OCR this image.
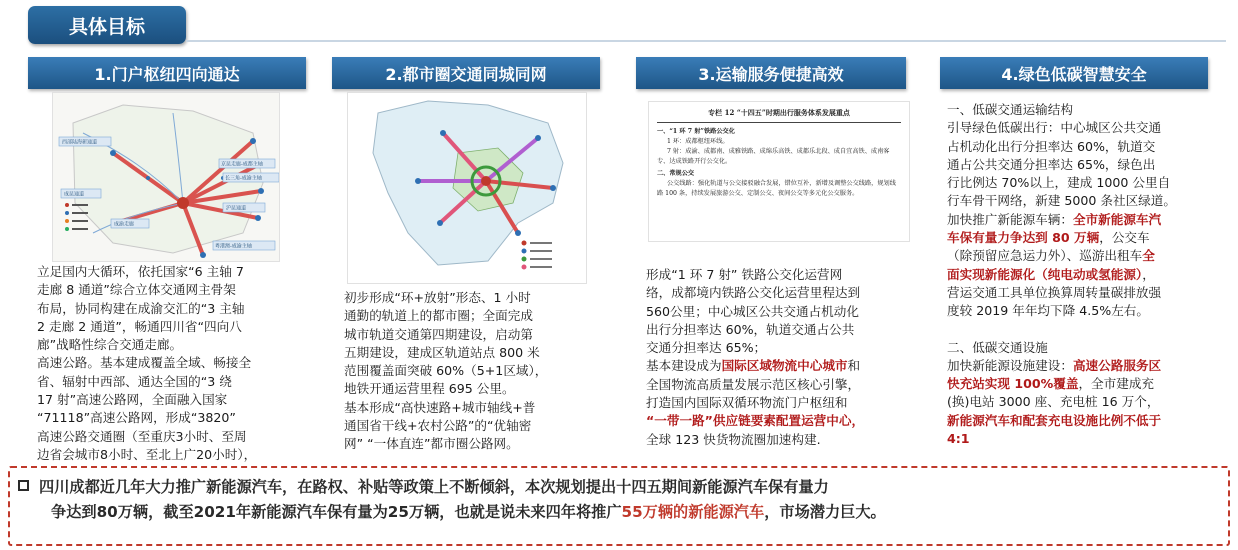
具体目标
1.门户枢纽四向通达	2.都市圈交通同城同网	3.运输服务便捷高效	4.绿色低碳智慧安全
西部陆海新通道
成渝走廊
京昆走廊-成都主轴
长三角-成渝主轴
成昆通道
沪昆通道
粤港澳-成渝主轴

立足国内大循环，依托国家“6 主轴 7

走廊 8 通道”综合立体交通网主骨架

布局，协同构建在成渝交汇的“3 主轴

2 走廊 2 通道”，畅通四川省“四向八

廊”战略性综合交通走廊。

高速公路。基本建成覆盖全域、畅接全

省、辐射中西部、通达全国的“3 绕

17 射”高速公路网，全面融入国家

“71118”高速公路网，形成“3820”

高速公路交通圈（至重庆3小时、至周

边省会城市8小时、至北上广20小时），

初步形成“环+放射”形态、1 小时

通勤的轨道上的都市圈；全面完成

城市轨道交通第四期建设，启动第

五期建设，建成区轨道站点 800 米

范围覆盖面突破 60%（5+1区域），

地铁开通运营里程 695 公里。

基本形成“高快速路+城市轴线+普

通国省干线+农村公路”的“优轴密

网” “一体直连”都市圈公路网。

专栏 12 “十四五”时期出行服务体系发展重点
一、“1 环 7 射”铁路公交化
1 环：成都枢纽环线。
7 射：成渝、成都南、成雅铁路、成绵乐高铁、成都乐北段、成自宜高铁、成南客专、达成铁路开行公交化。
二、常规公交
公交线路：强化轨道与公交接驳融合发展，错位互补，新增及调整公交线路，规划线路 100 条，持续发展旅游公交、定制公交、夜间公交等多元化公交服务。

形成“1 环 7 射” 铁路公交化运营网

络，成都境内铁路公交化运营里程达到

560公里；中心城区公共交通占机动化

出行分担率达 60%，轨道交通占公共

交通分担率达 65%；

基本建设成为国际区域物流中心城市和

全国物流高质量发展示范区核心引擎，

打造国内国际双循环物流门户枢纽和

“一带一路”供应链要素配置运营中心，

全球 123 快货物流圈加速构建.

一、低碳交通运输结构

引导绿色低碳出行：中心城区公共交通

占机动化出行分担率达 60%，轨道交

通占公共交通分担率达 65%，绿色出

行比例达 70%以上，建成 1000 公里自

行车骨干网络，新建 5000 条社区绿道。

加快推广新能源车辆：全市新能源车汽

车保有量力争达到 80 万辆，公交车

（除预留应急运力外）、巡游出租车全

面实现新能源化（纯电动或氢能源），

营运交通工具单位换算周转量碳排放强

度较 2019 年年均下降 4.5%左右。

二、低碳交通设施

加快新能源设施建设：高速公路服务区

快充站实现 100%覆盖，全市建成充

(换)电站 3000 座、充电桩 16 万个，

新能源汽车和配套充电设施比例不低于

4:1

四川成都近几年大力推广新能源汽车，在路权、补贴等政策上不断倾斜，本次规划提出十四五期间新能源汽车保有量力
争达到80万辆，截至2021年新能源汽车保有量为25万辆，也就是说未来四年将推广55万辆的新能源汽车，市场潜力巨大。
